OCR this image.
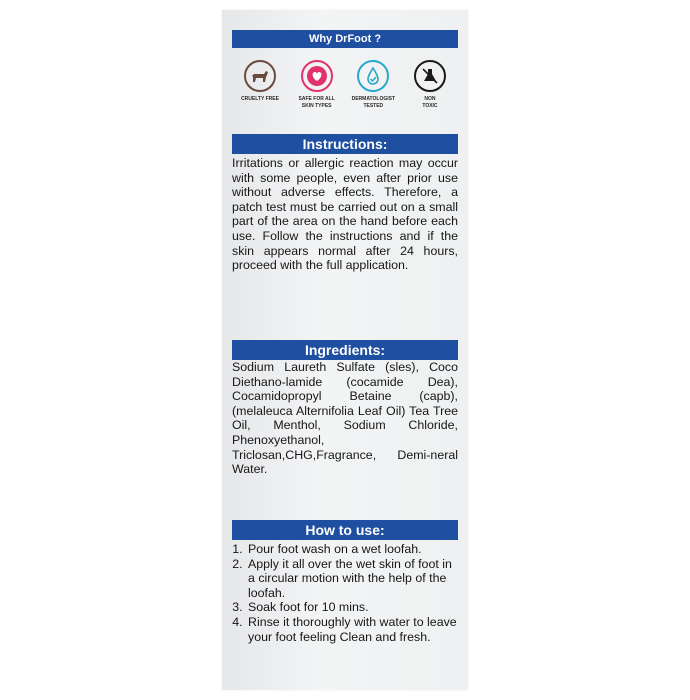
Why DrFoot ?
CRUELTY FREE	SAFE FOR ALL
SKIN TYPES
DERMATOLOGIST
TESTED
NON
TOXIC
Instructions:
Irritations or allergic reaction may occur with some people, even after prior use without adverse effects. Therefore, a patch test must be carried out on a small part of the area on the hand before each use. Follow the instructions and if the skin appears normal after 24 hours, proceed with the full application.
Ingredients:
Sodium Laureth Sulfate (sles), Coco Diethano-lamide (cocamide Dea), Cocamidopropyl Betaine (capb), (melaleuca Alternifolia Leaf Oil) Tea Tree Oil, Menthol, Sodium Chloride, Phenoxyethanol, Triclosan,CHG,Fragrance, Demi-neral Water.
How to use:
1. Pour foot wash on a wet loofah.
2. Apply it all over the wet skin of foot in a circular motion with the help of the loofah.
3. Soak foot for 10 mins.
4. Rinse it thoroughly with water to leave your foot feeling Clean and fresh.
